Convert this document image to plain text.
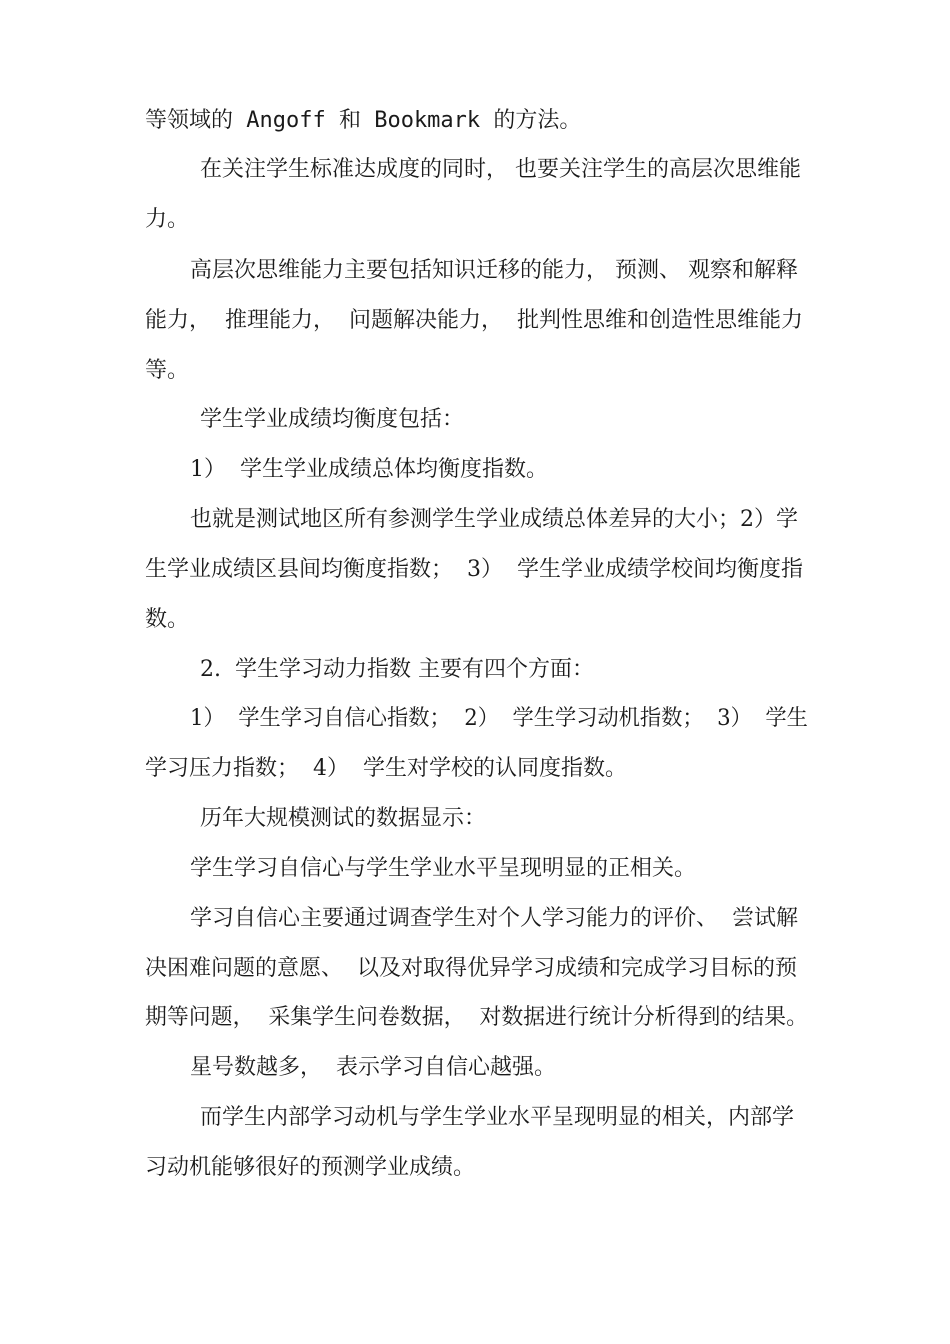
等领域的 Angoff 和 Bookmark 的方法。
在关注学生标准达成度的同时， 也要关注学生的高层次思维能
力。
高层次思维能力主要包括知识迁移的能力， 预测、 观察和解释
能力，  推理能力，  问题解决能力，  批判性思维和创造性思维能力
等。
学生学业成绩均衡度包括：
1）  学生学业成绩总体均衡度指数。
也就是测试地区所有参测学生学业成绩总体差异的大小；2）学
生学业成绩区县间均衡度指数；  3）  学生学业成绩学校间均衡度指
数。
2.  学生学习动力指数 主要有四个方面：
1）  学生学习自信心指数；  2）  学生学习动机指数；  3）  学生
学习压力指数；  4）  学生对学校的认同度指数。
历年大规模测试的数据显示：
学生学习自信心与学生学业水平呈现明显的正相关。
学习自信心主要通过调查学生对个人学习能力的评价、  尝试解
决困难问题的意愿、  以及对取得优异学习成绩和完成学习目标的预
期等问题，  采集学生问卷数据，  对数据进行统计分析得到的结果。
星号数越多，  表示学习自信心越强。
而学生内部学习动机与学生学业水平呈现明显的相关，内部学
习动机能够很好的预测学业成绩。
